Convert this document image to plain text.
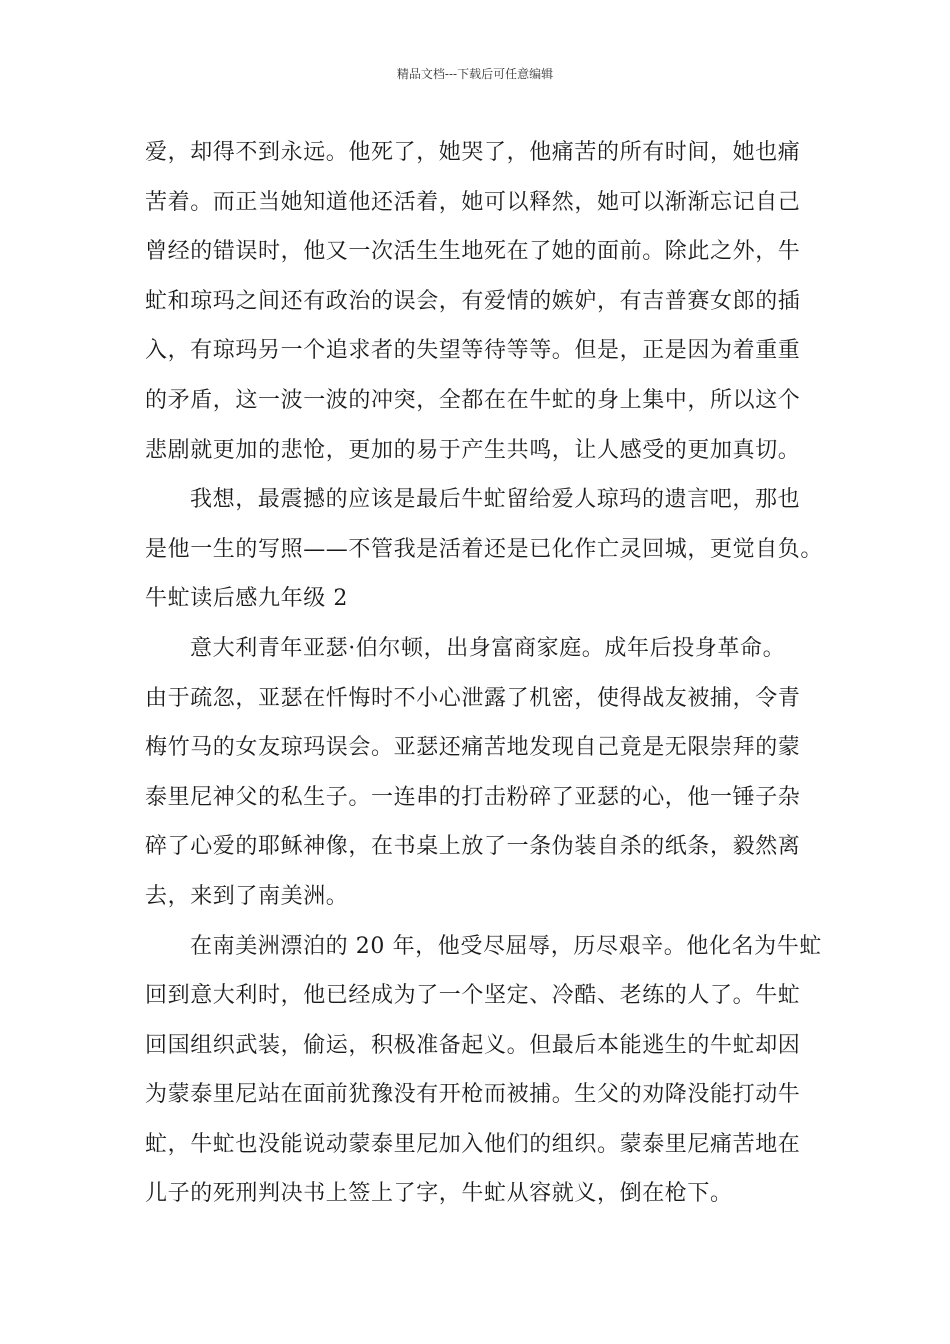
精品文档---下载后可任意编辑
爱，却得不到永远。他死了，她哭了，他痛苦的所有时间，她也痛
苦着。而正当她知道他还活着，她可以释然，她可以渐渐忘记自己
曾经的错误时，他又一次活生生地死在了她的面前。除此之外，牛
虻和琼玛之间还有政治的误会，有爱情的嫉妒，有吉普赛女郎的插
入，有琼玛另一个追求者的失望等待等等。但是，正是因为着重重
的矛盾，这一波一波的冲突，全都在在牛虻的身上集中，所以这个
悲剧就更加的悲怆，更加的易于产生共鸣，让人感受的更加真切。
我想，最震撼的应该是最后牛虻留给爱人琼玛的遗言吧，那也
是他一生的写照——不管我是活着还是已化作亡灵回城，更觉自负。
牛虻读后感九年级 2
意大利青年亚瑟·伯尔顿，出身富商家庭。成年后投身革命。
由于疏忽，亚瑟在忏悔时不小心泄露了机密，使得战友被捕，令青
梅竹马的女友琼玛误会。亚瑟还痛苦地发现自己竟是无限崇拜的蒙
泰里尼神父的私生子。一连串的打击粉碎了亚瑟的心，他一锤子杂
碎了心爱的耶稣神像，在书桌上放了一条伪装自杀的纸条，毅然离
去，来到了南美洲。
在南美洲漂泊的 20 年，他受尽屈辱，历尽艰辛。他化名为牛虻
回到意大利时，他已经成为了一个坚定、冷酷、老练的人了。牛虻
回国组织武装，偷运，积极准备起义。但最后本能逃生的牛虻却因
为蒙泰里尼站在面前犹豫没有开枪而被捕。生父的劝降没能打动牛
虻，牛虻也没能说动蒙泰里尼加入他们的组织。蒙泰里尼痛苦地在
儿子的死刑判决书上签上了字，牛虻从容就义，倒在枪下。
